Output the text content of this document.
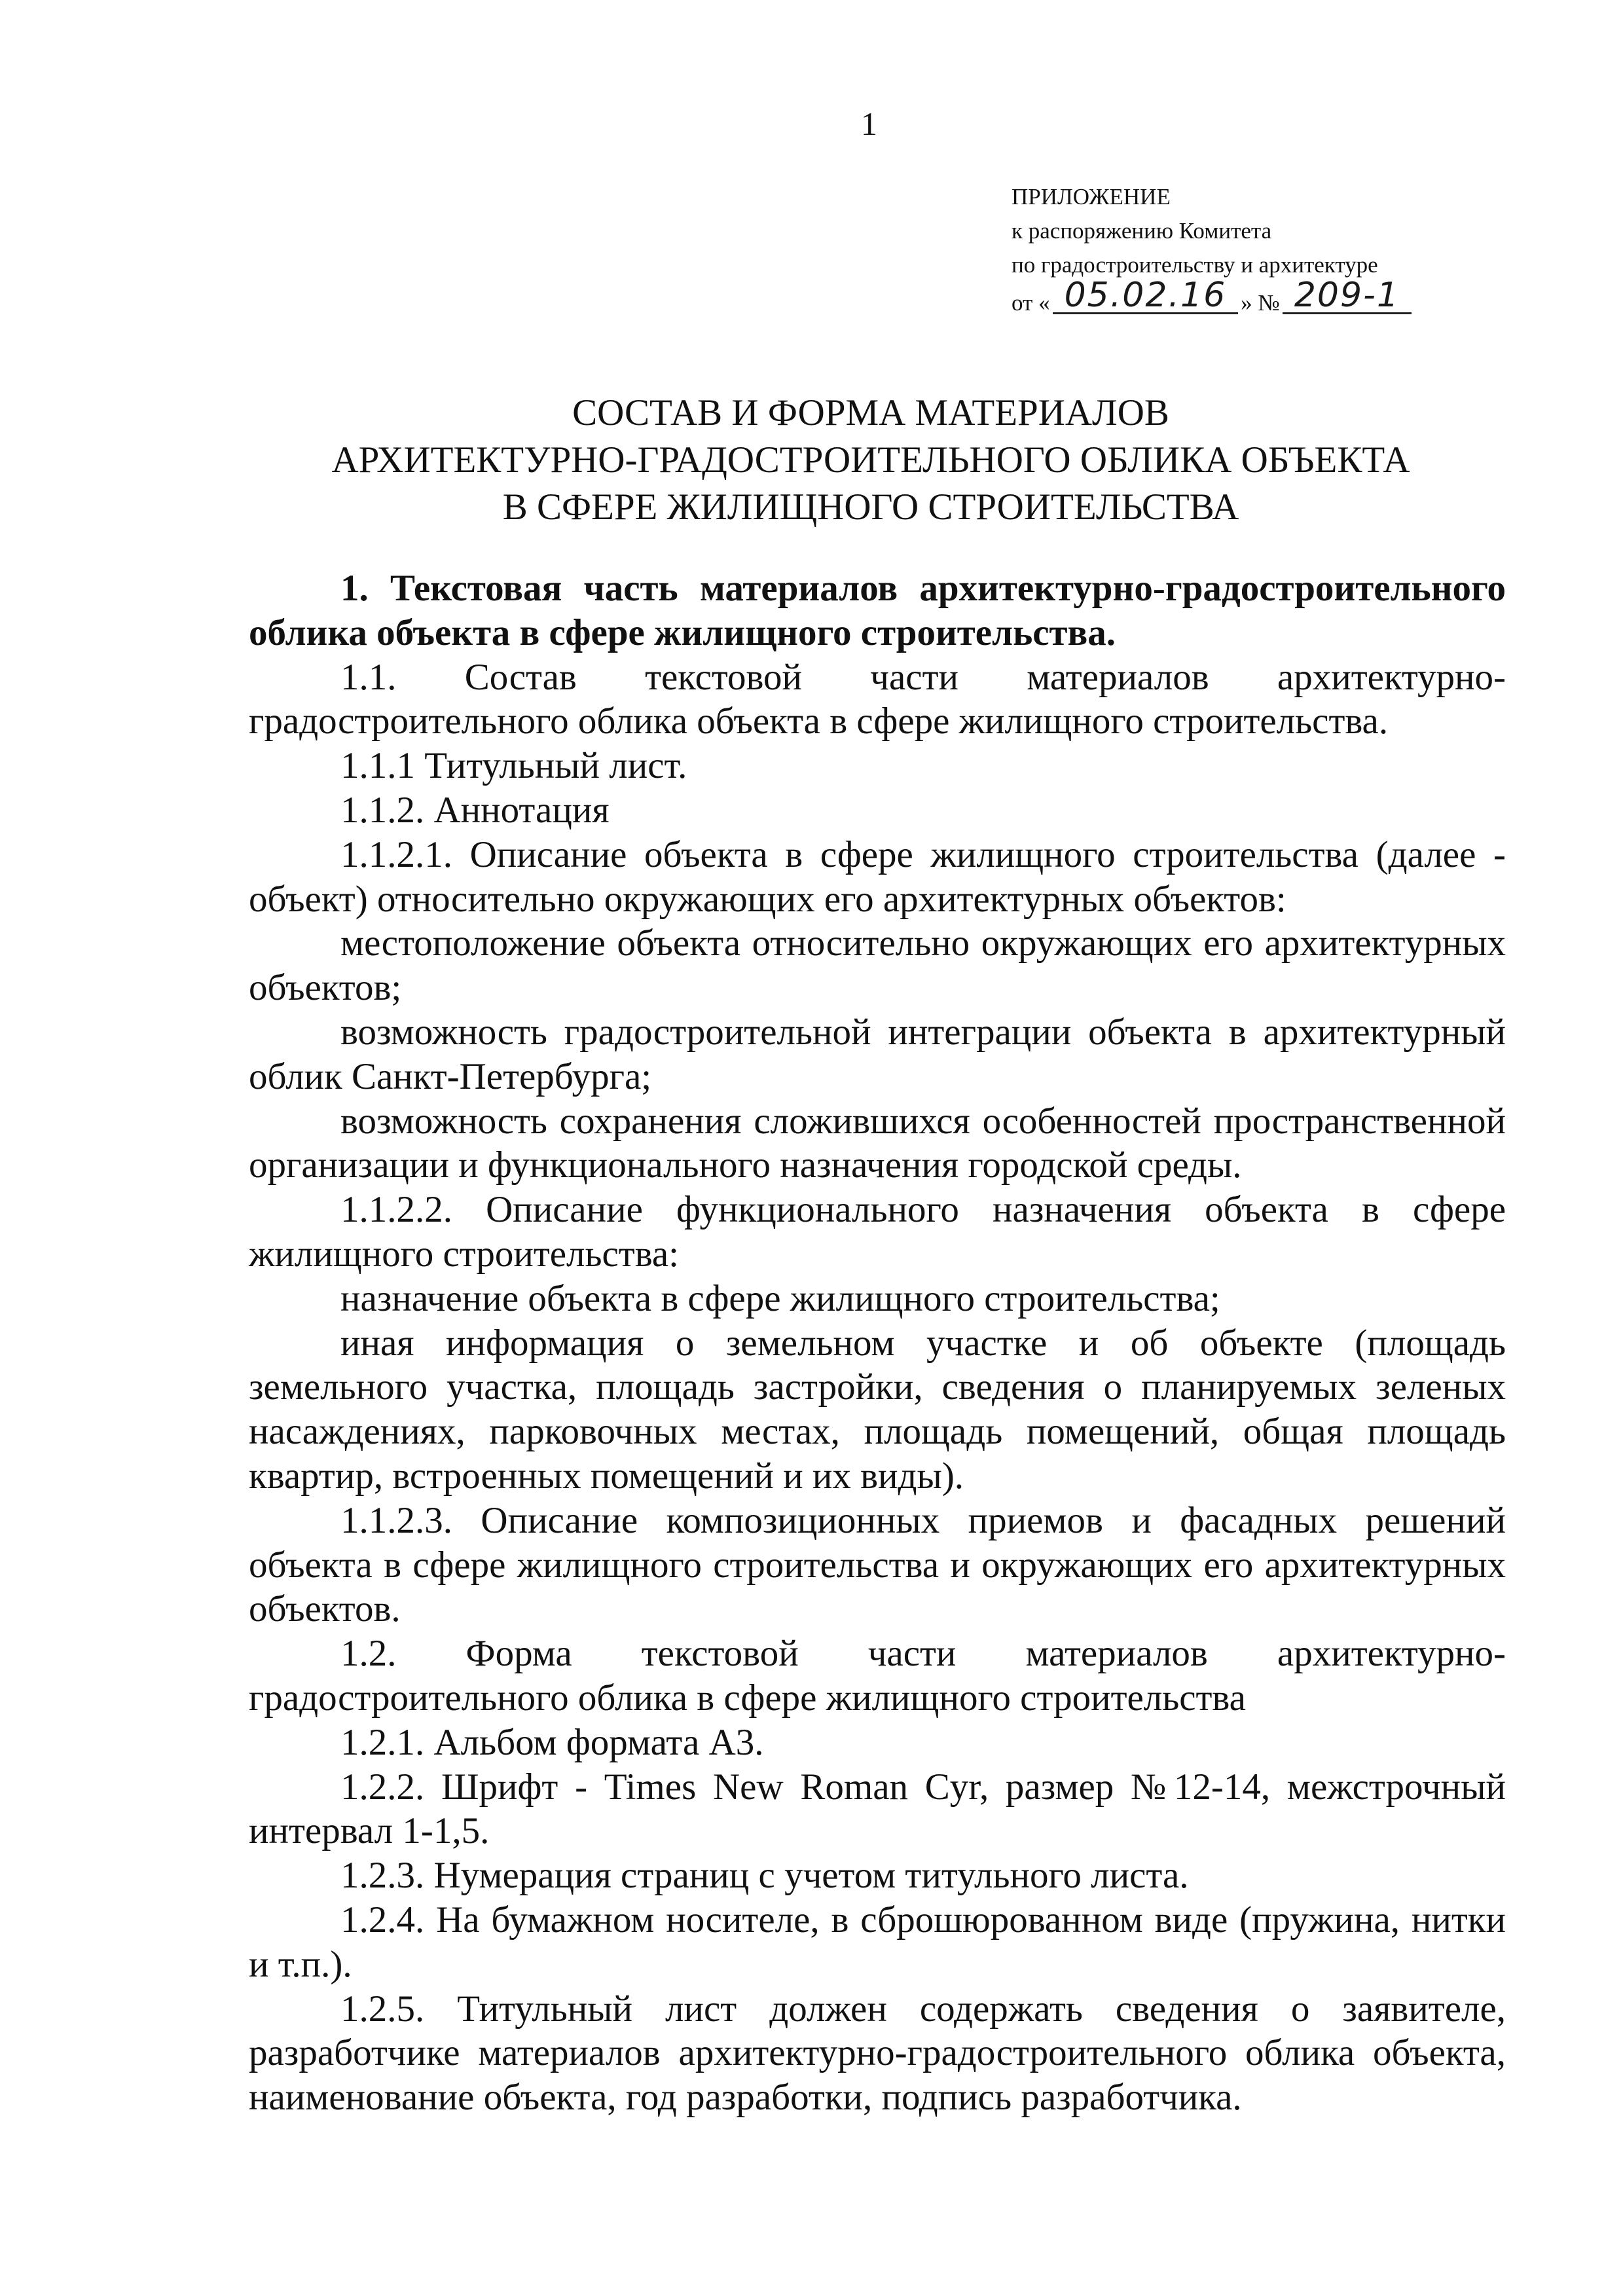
1
ПРИЛОЖЕНИЕ
к распоряжению Комитета
по градостроительству и архитектуре
от « 05.02.16 » № 209-1
СОСТАВ И ФОРМА МАТЕРИАЛОВ
АРХИТЕКТУРНО-ГРАДОСТРОИТЕЛЬНОГО ОБЛИКА ОБЪЕКТА
В СФЕРЕ ЖИЛИЩНОГО СТРОИТЕЛЬСТВА

1. Текстовая часть материалов архитектурно-градостроительного облика объекта в сфере жилищного строительства.

1.1. Состав текстовой части материалов архитектурно-градостроительного облика объекта в сфере жилищного строительства.

1.1.1 Титульный лист.

1.1.2. Аннотация

1.1.2.1. Описание объекта в сфере жилищного строительства (далее - объект) относительно окружающих его архитектурных объектов:

местоположение объекта относительно окружающих его архитектурных объектов;

возможность градостроительной интеграции объекта в архитектурный облик Санкт-Петербурга;

возможность сохранения сложившихся особенностей пространственной организации и функционального назначения городской среды.

1.1.2.2. Описание функционального назначения объекта в сфере жилищного строительства:

назначение объекта в сфере жилищного строительства;

иная информация о земельном участке и об объекте (площадь земельного участка, площадь застройки, сведения о планируемых зеленых насаждениях, парковочных местах, площадь помещений, общая площадь квартир, встроенных помещений и их виды).

1.1.2.3. Описание композиционных приемов и фасадных решений объекта в сфере жилищного строительства и окружающих его архитектурных объектов.

1.2. Форма текстовой части материалов архитектурно-градостроительного облика в сфере жилищного строительства

1.2.1. Альбом формата А3.

1.2.2. Шрифт - Times New Roman Cyr, размер №12-14, межстрочный интервал 1-1,5.

1.2.3. Нумерация страниц с учетом титульного листа.

1.2.4. На бумажном носителе, в сброшюрованном виде (пружина, нитки и т.п.).

1.2.5. Титульный лист должен содержать сведения о заявителе, разработчике материалов архитектурно-градостроительного облика объекта, наименование объекта, год разработки, подпись разработчика.
